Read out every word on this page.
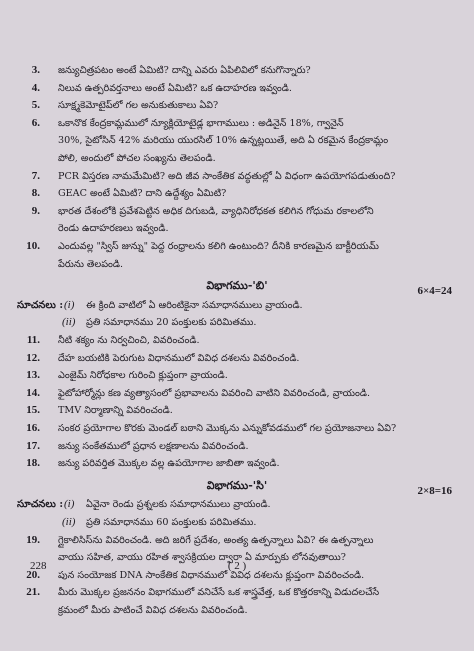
3. జన్యుచిత్రపటం అంటే ఏమిటి? దాన్ని ఎవరు ఏపిలివిలో కనుగొన్నారు?
4. నిలువ ఉత్పరివర్తనాలు అంటే ఏమిటి? ఒక ఉదాహరణ ఇవ్వండి.
5. సూక్ష్మకెమోటైప్‌లో గల అనుకుతుకాలు ఏవి?
6. ఒకానొక కేంద్రకామ్లములో న్యూక్లియోటైడ్ల భాగాములు : అడినైన్ 18%, గ్వానైన్
30%, సైటోసిన్ 42% మరియు యురసిల్ 10% ఉన్నట్లయితే, అది ఏ రకమైన కేంద్రకామ్లం
పోలి, అందులో పోచల సంఖ్యను తెలపండి.
7. PCR విస్తరణ నామమేమిటి? అది జీవ సాంకేతిక వద్ధతుల్లో ఏ విధంగా ఉపయోగపడుతుంది?
8. GEAC అంటే ఏమిటి? దాని ఉద్దేశ్యం ఏమిటి?
9. భారత దేశంలోకి ప్రవేశపెట్టిన అధిక దిగుబడి, వ్యాధినిరోధకత కలిగిన గోధుమ రకాలలోని
రెండు ఉదాహరణలు ఇవ్వండి.
10. ఎందువల్ల "స్విస్ జున్ను" పెద్ద రంధ్రాలను కలిగి ఉంటుంది? దీనికి కారణమైన బాక్టీరియమ్
పేరును తెలపండి.
విభాగము-'బి'	6×4=24
సూచనలు : (i) ఈ క్రింది వాటిలో ఏ ఆరింటికైనా సమాధానములు వ్రాయండి.
(ii) ప్రతి సమాధానము 20 పంక్తులకు పరిమితము.
11. నీటి శక్యం ను నిర్వచించి, వివరించండి.
12. దేహ బయటికి పెరుగుట విధానములో వివిధ దశలను వివరించండి.
13. ఎంజైమ్ నిరోధకాల గురించి క్లుప్తంగా వ్రాయండి.
14. ఫైటోహార్మోన్లు కణ వ్యత్యాసంలో ప్రభావాలను వివరించి వాటిని వివరించండి, వ్రాయండి.
15. TMV నిర్మాణాన్ని వివరించండి.
16. సంకర ప్రయోగాల కొరకు మెండల్ బఠాని మొక్కను ఎన్నుకోవడములో గల ప్రయోజనాలు ఏవి?
17. జన్యు సంకేతములో ప్రధాన లక్షణాలను వివరించండి.
18. జన్యు పరివర్తిత మొక్కల వల్ల ఉపయోగాల జాబితా ఇవ్వండి.
విభాగము-'సి'	2×8=16
సూచనలు : (i) ఏవైనా రెండు ప్రశ్నలకు సమాధానములు వ్రాయండి.
(ii) ప్రతి సమాధానము 60 పంక్తులకు పరిమితము.
19. గ్లైకాలిసిస్‌ను వివరించండి. అది జరిగే ప్రదేశం, అంత్య ఉత్పన్నాలు ఏవి? ఈ ఉత్పన్నాలు
వాయు సహిత, వాయు రహిత శ్వాసక్రియల ద్వారా ఏ మార్పుకు లోనవుతాయి?
20. పున సంయోజక DNA సాంకేతిక విధానములో వివిధ దశలను క్లుప్తంగా వివరించండి.
21. మీరు మొక్కల ప్రజననం విభాగములో వనిచేసే ఒక శాస్త్రవేత్త, ఒక కొత్తరకాన్ని విడుదలచేసే
క్రమంలో మీరు పాటించే వివిధ దశలను వివరించండి.
228	( 2 )
